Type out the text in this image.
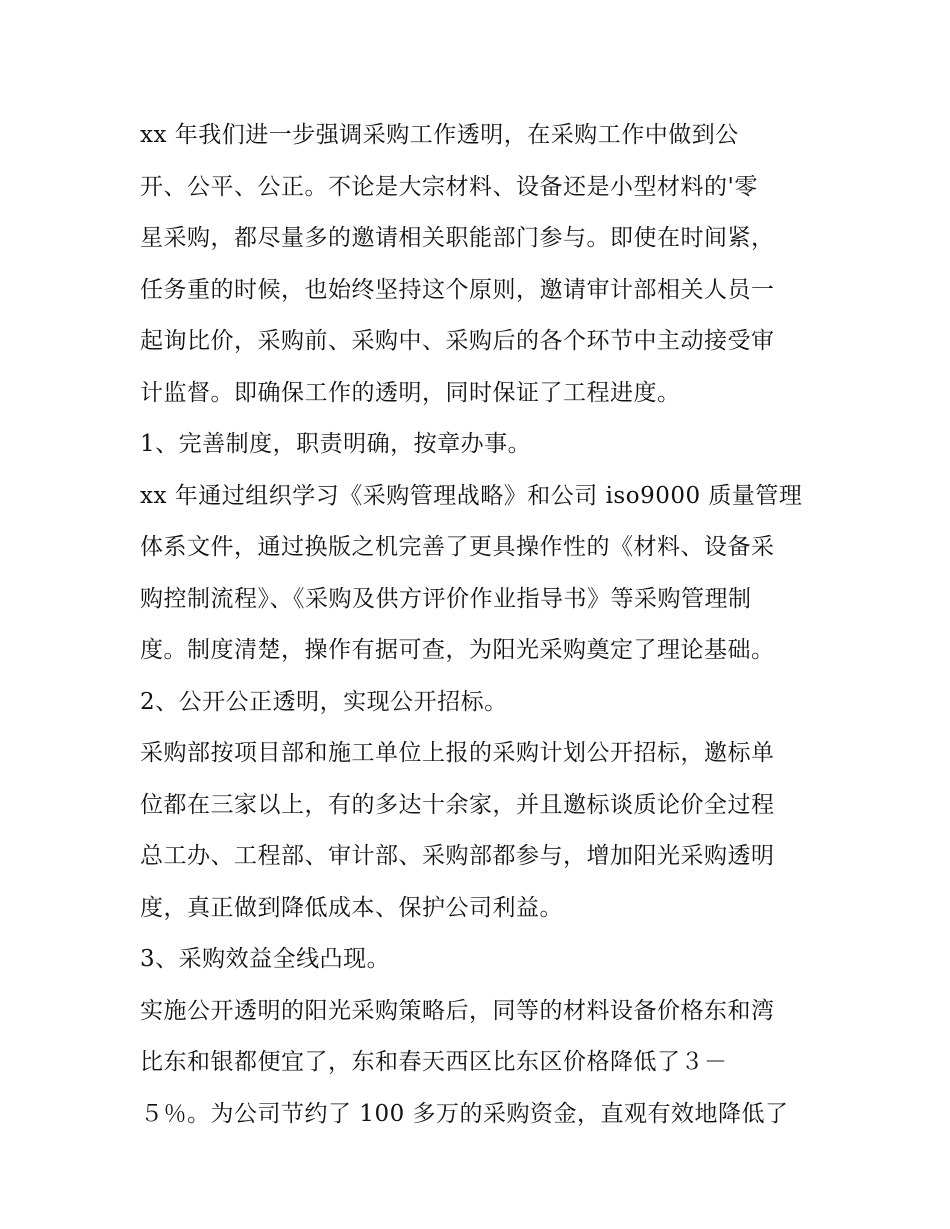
xx 年我们进一步强调采购工作透明，在采购工作中做到公
开、公平、公正。不论是大宗材料、设备还是小型材料的'零
星采购，都尽量多的邀请相关职能部门参与。即使在时间紧，
任务重的时候，也始终坚持这个原则，邀请审计部相关人员一
起询比价，采购前、采购中、采购后的各个环节中主动接受审
计监督。即确保工作的透明，同时保证了工程进度。
1、完善制度，职责明确，按章办事。
xx 年通过组织学习《采购管理战略》和公司 iso9000 质量管理
体系文件，通过换版之机完善了更具操作性的《材料、设备采
购控制流程》、《采购及供方评价作业指导书》等采购管理制
度。制度清楚，操作有据可查，为阳光采购奠定了理论基础。
2、公开公正透明，实现公开招标。
采购部按项目部和施工单位上报的采购计划公开招标，邀标单
位都在三家以上，有的多达十余家，并且邀标谈质论价全过程
总工办、工程部、审计部、采购部都参与，增加阳光采购透明
度，真正做到降低成本、保护公司利益。
3、采购效益全线凸现。
实施公开透明的阳光采购策略后，同等的材料设备价格东和湾
比东和银都便宜了，东和春天西区比东区价格降低了３－
５％。为公司节约了 100 多万的采购资金，直观有效地降低了
